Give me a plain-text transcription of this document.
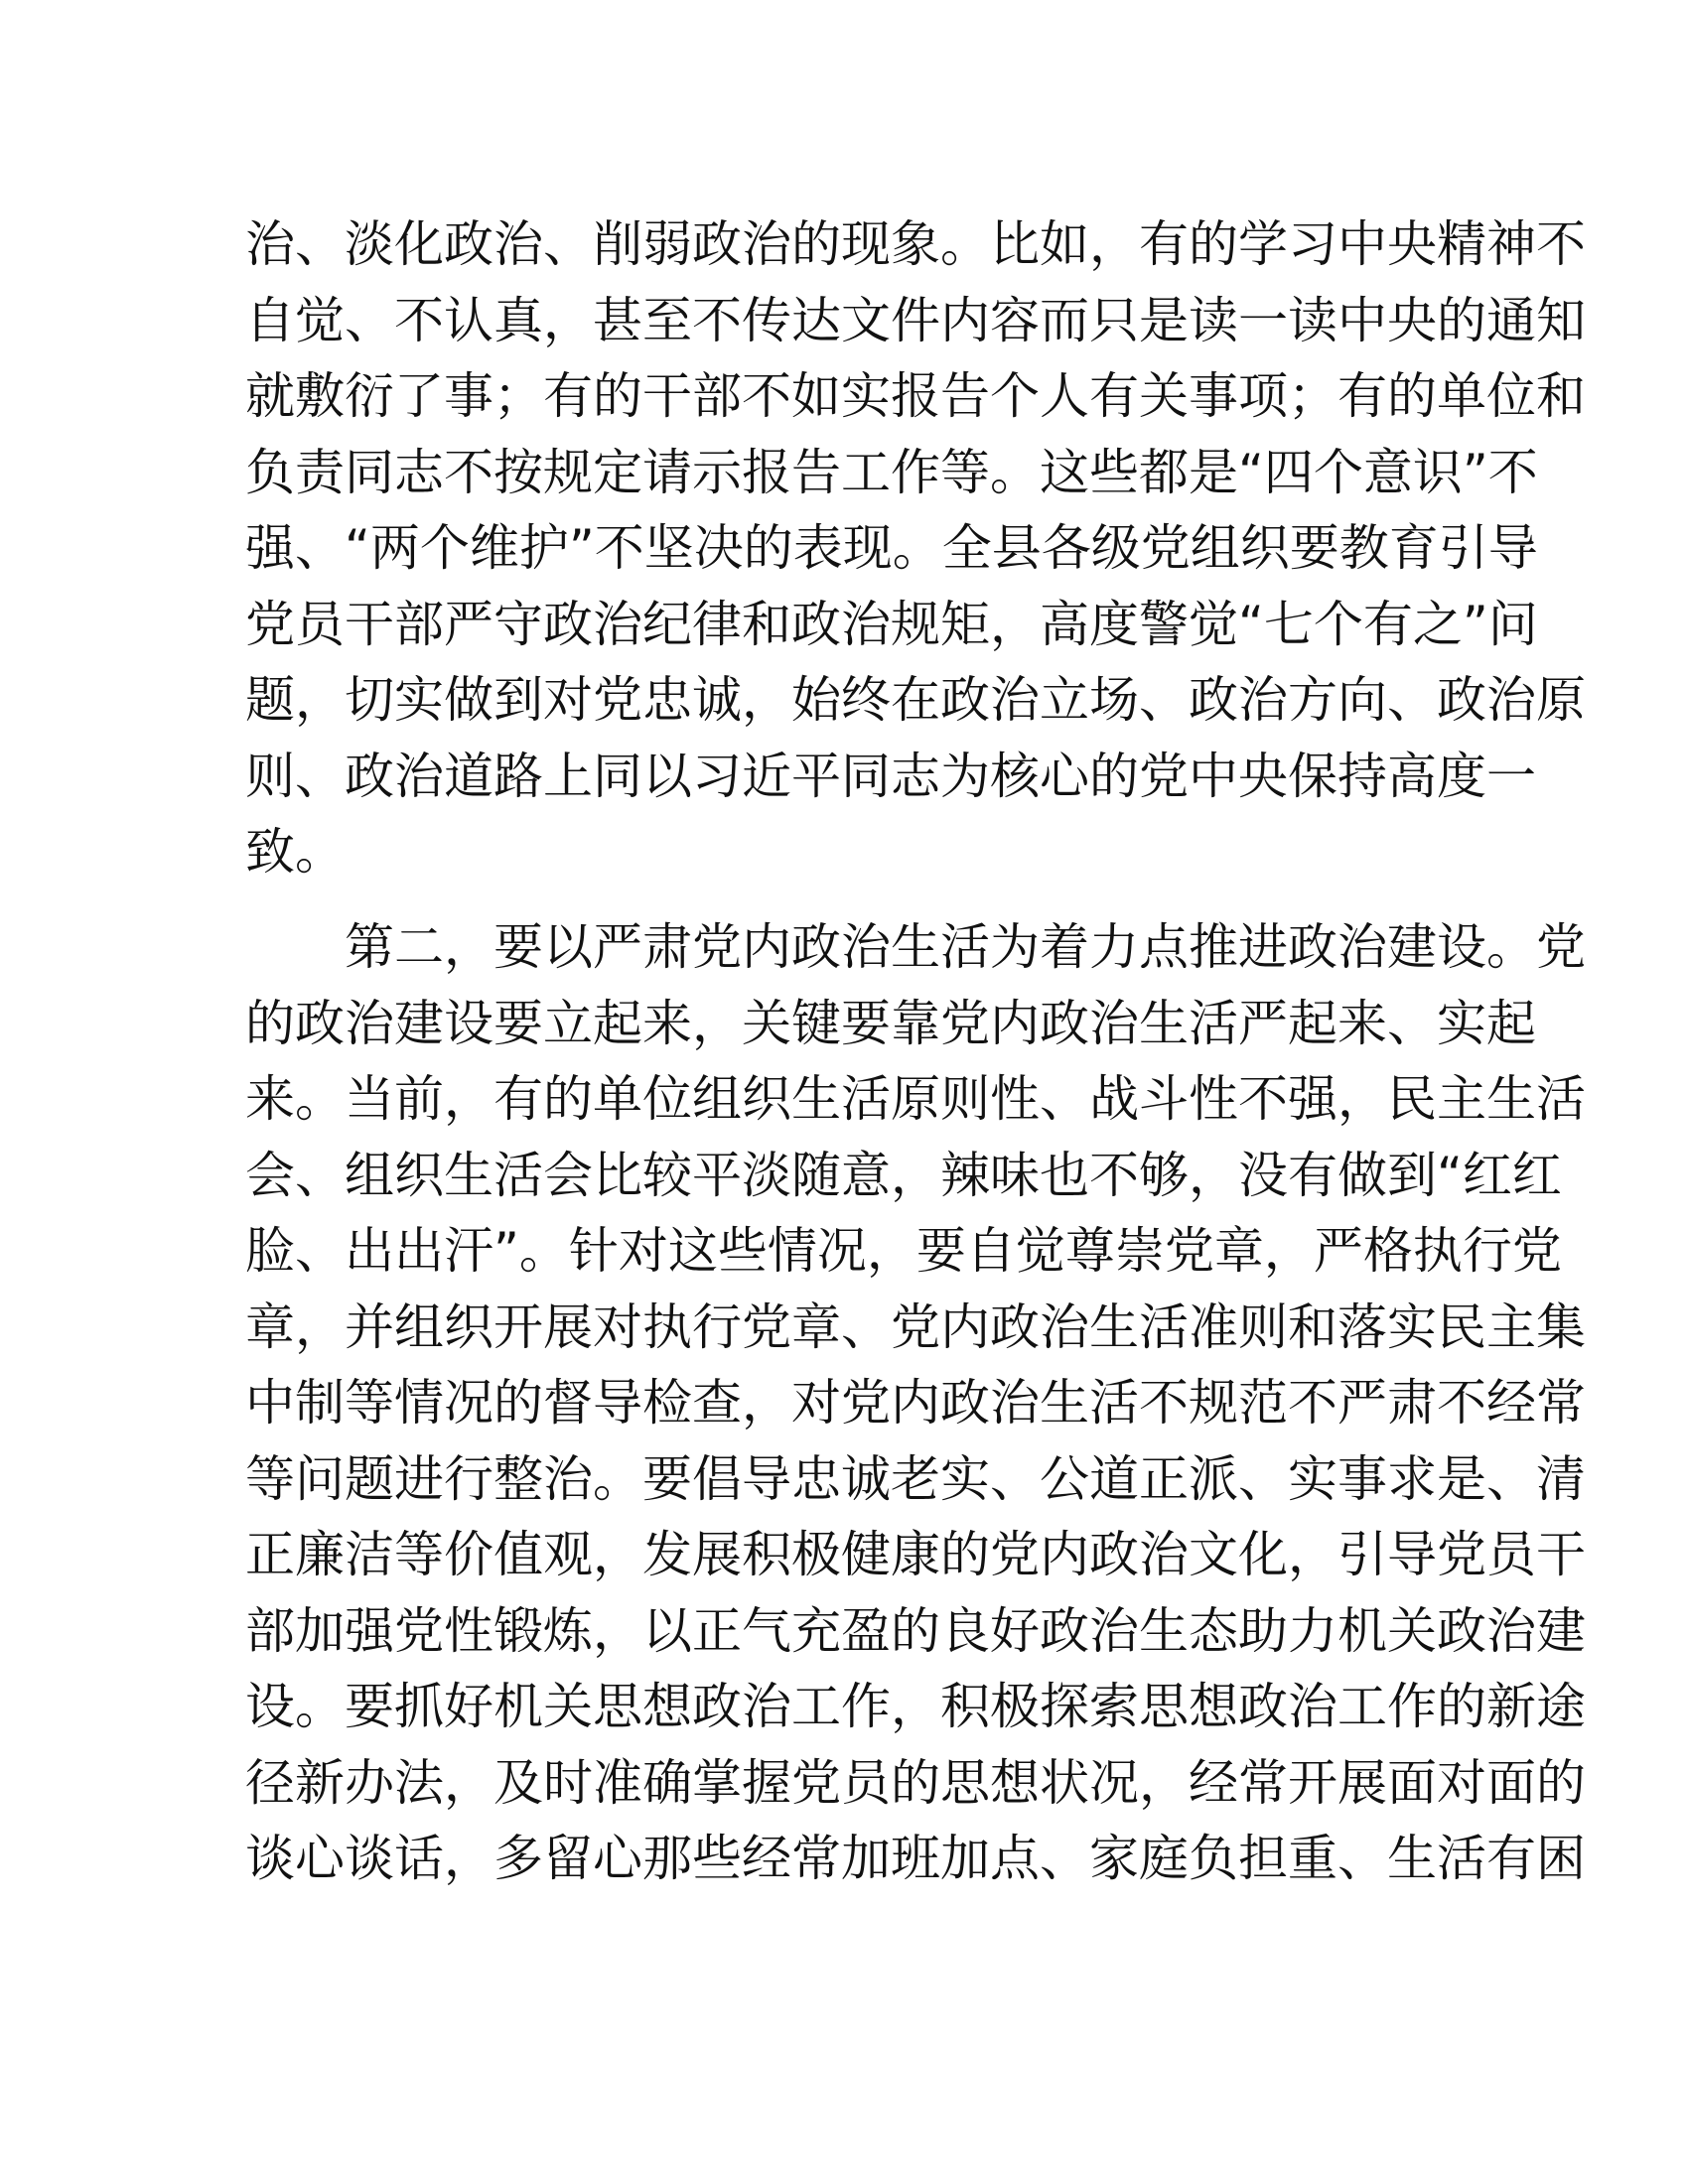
治、淡化政治、削弱政治的现象。比如，有的学习中央精神不
自觉、不认真，甚至不传达文件内容而只是读一读中央的通知
就敷衍了事；有的干部不如实报告个人有关事项；有的单位和
负责同志不按规定请示报告工作等。这些都是“四个意识”不
强、“两个维护”不坚决的表现。全县各级党组织要教育引导
党员干部严守政治纪律和政治规矩，高度警觉“七个有之”问
题，切实做到对党忠诚，始终在政治立场、政治方向、政治原
则、政治道路上同以习近平同志为核心的党中央保持高度一
致。
第二，要以严肃党内政治生活为着力点推进政治建设。党
的政治建设要立起来，关键要靠党内政治生活严起来、实起
来。当前，有的单位组织生活原则性、战斗性不强，民主生活
会、组织生活会比较平淡随意，辣味也不够，没有做到“红红
脸、出出汗”。针对这些情况，要自觉尊崇党章，严格执行党
章，并组织开展对执行党章、党内政治生活准则和落实民主集
中制等情况的督导检查，对党内政治生活不规范不严肃不经常
等问题进行整治。要倡导忠诚老实、公道正派、实事求是、清
正廉洁等价值观，发展积极健康的党内政治文化，引导党员干
部加强党性锻炼，以正气充盈的良好政治生态助力机关政治建
设。要抓好机关思想政治工作，积极探索思想政治工作的新途
径新办法，及时准确掌握党员的思想状况，经常开展面对面的
谈心谈话，多留心那些经常加班加点、家庭负担重、生活有困
